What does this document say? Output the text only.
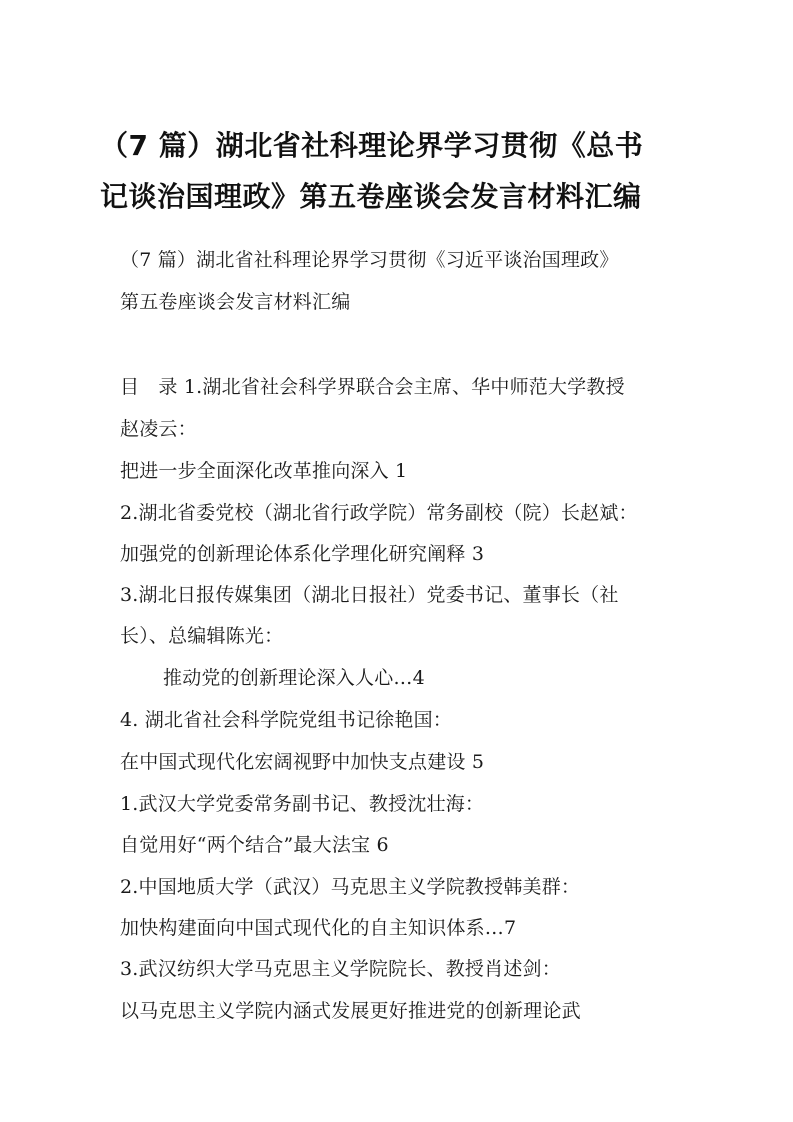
（7 篇）湖北省社科理论界学习贯彻《总书
记谈治国理政》第五卷座谈会发言材料汇编
（7 篇）湖北省社科理论界学习贯彻《习近平谈治国理政》
第五卷座谈会发言材料汇编
目　录 1.湖北省社会科学界联合会主席、华中师范大学教授
赵凌云：
把进一步全面深化改革推向深入 1
2.湖北省委党校（湖北省行政学院）常务副校（院）长赵斌：
加强党的创新理论体系化学理化研究阐释 3
3.湖北日报传媒集团（湖北日报社）党委书记、董事长（社
长）、总编辑陈光：
推动党的创新理论深入人心…4
4. 湖北省社会科学院党组书记徐艳国：
在中国式现代化宏阔视野中加快支点建设 5
1.武汉大学党委常务副书记、教授沈壮海：
自觉用好“两个结合”最大法宝 6
2.中国地质大学（武汉）马克思主义学院教授韩美群：
加快构建面向中国式现代化的自主知识体系…7
3.武汉纺织大学马克思主义学院院长、教授肖述剑：
以马克思主义学院内涵式发展更好推进党的创新理论武
